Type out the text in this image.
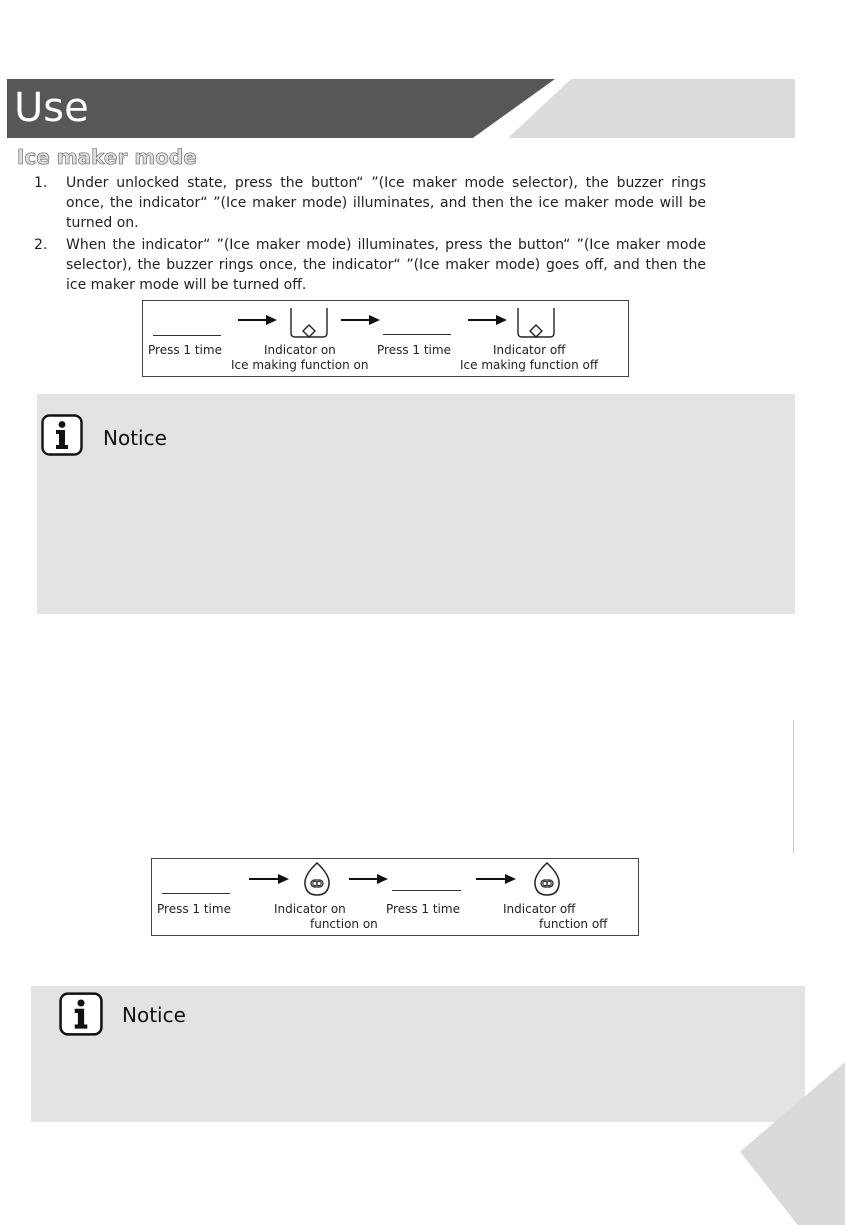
Use
Ice maker mode
1. Under unlocked state, press the button“ ”(Ice maker mode selector), the buzzer rings once, the indicator“ ”(Ice maker mode) illuminates, and then the ice maker mode will be turned on.
2. When the indicator“ ”(Ice maker mode) illuminates, press the button“ ”(Ice maker mode selector), the buzzer rings once, the indicator“ ”(Ice maker mode) goes off, and then the ice maker mode will be turned off.
Press 1 time	Indicator on
Ice making function on
Press 1 time	Indicator off
Ice making function off
Notice
Press 1 time	Indicator on
function on
Press 1 time	Indicator off
function off
Notice
